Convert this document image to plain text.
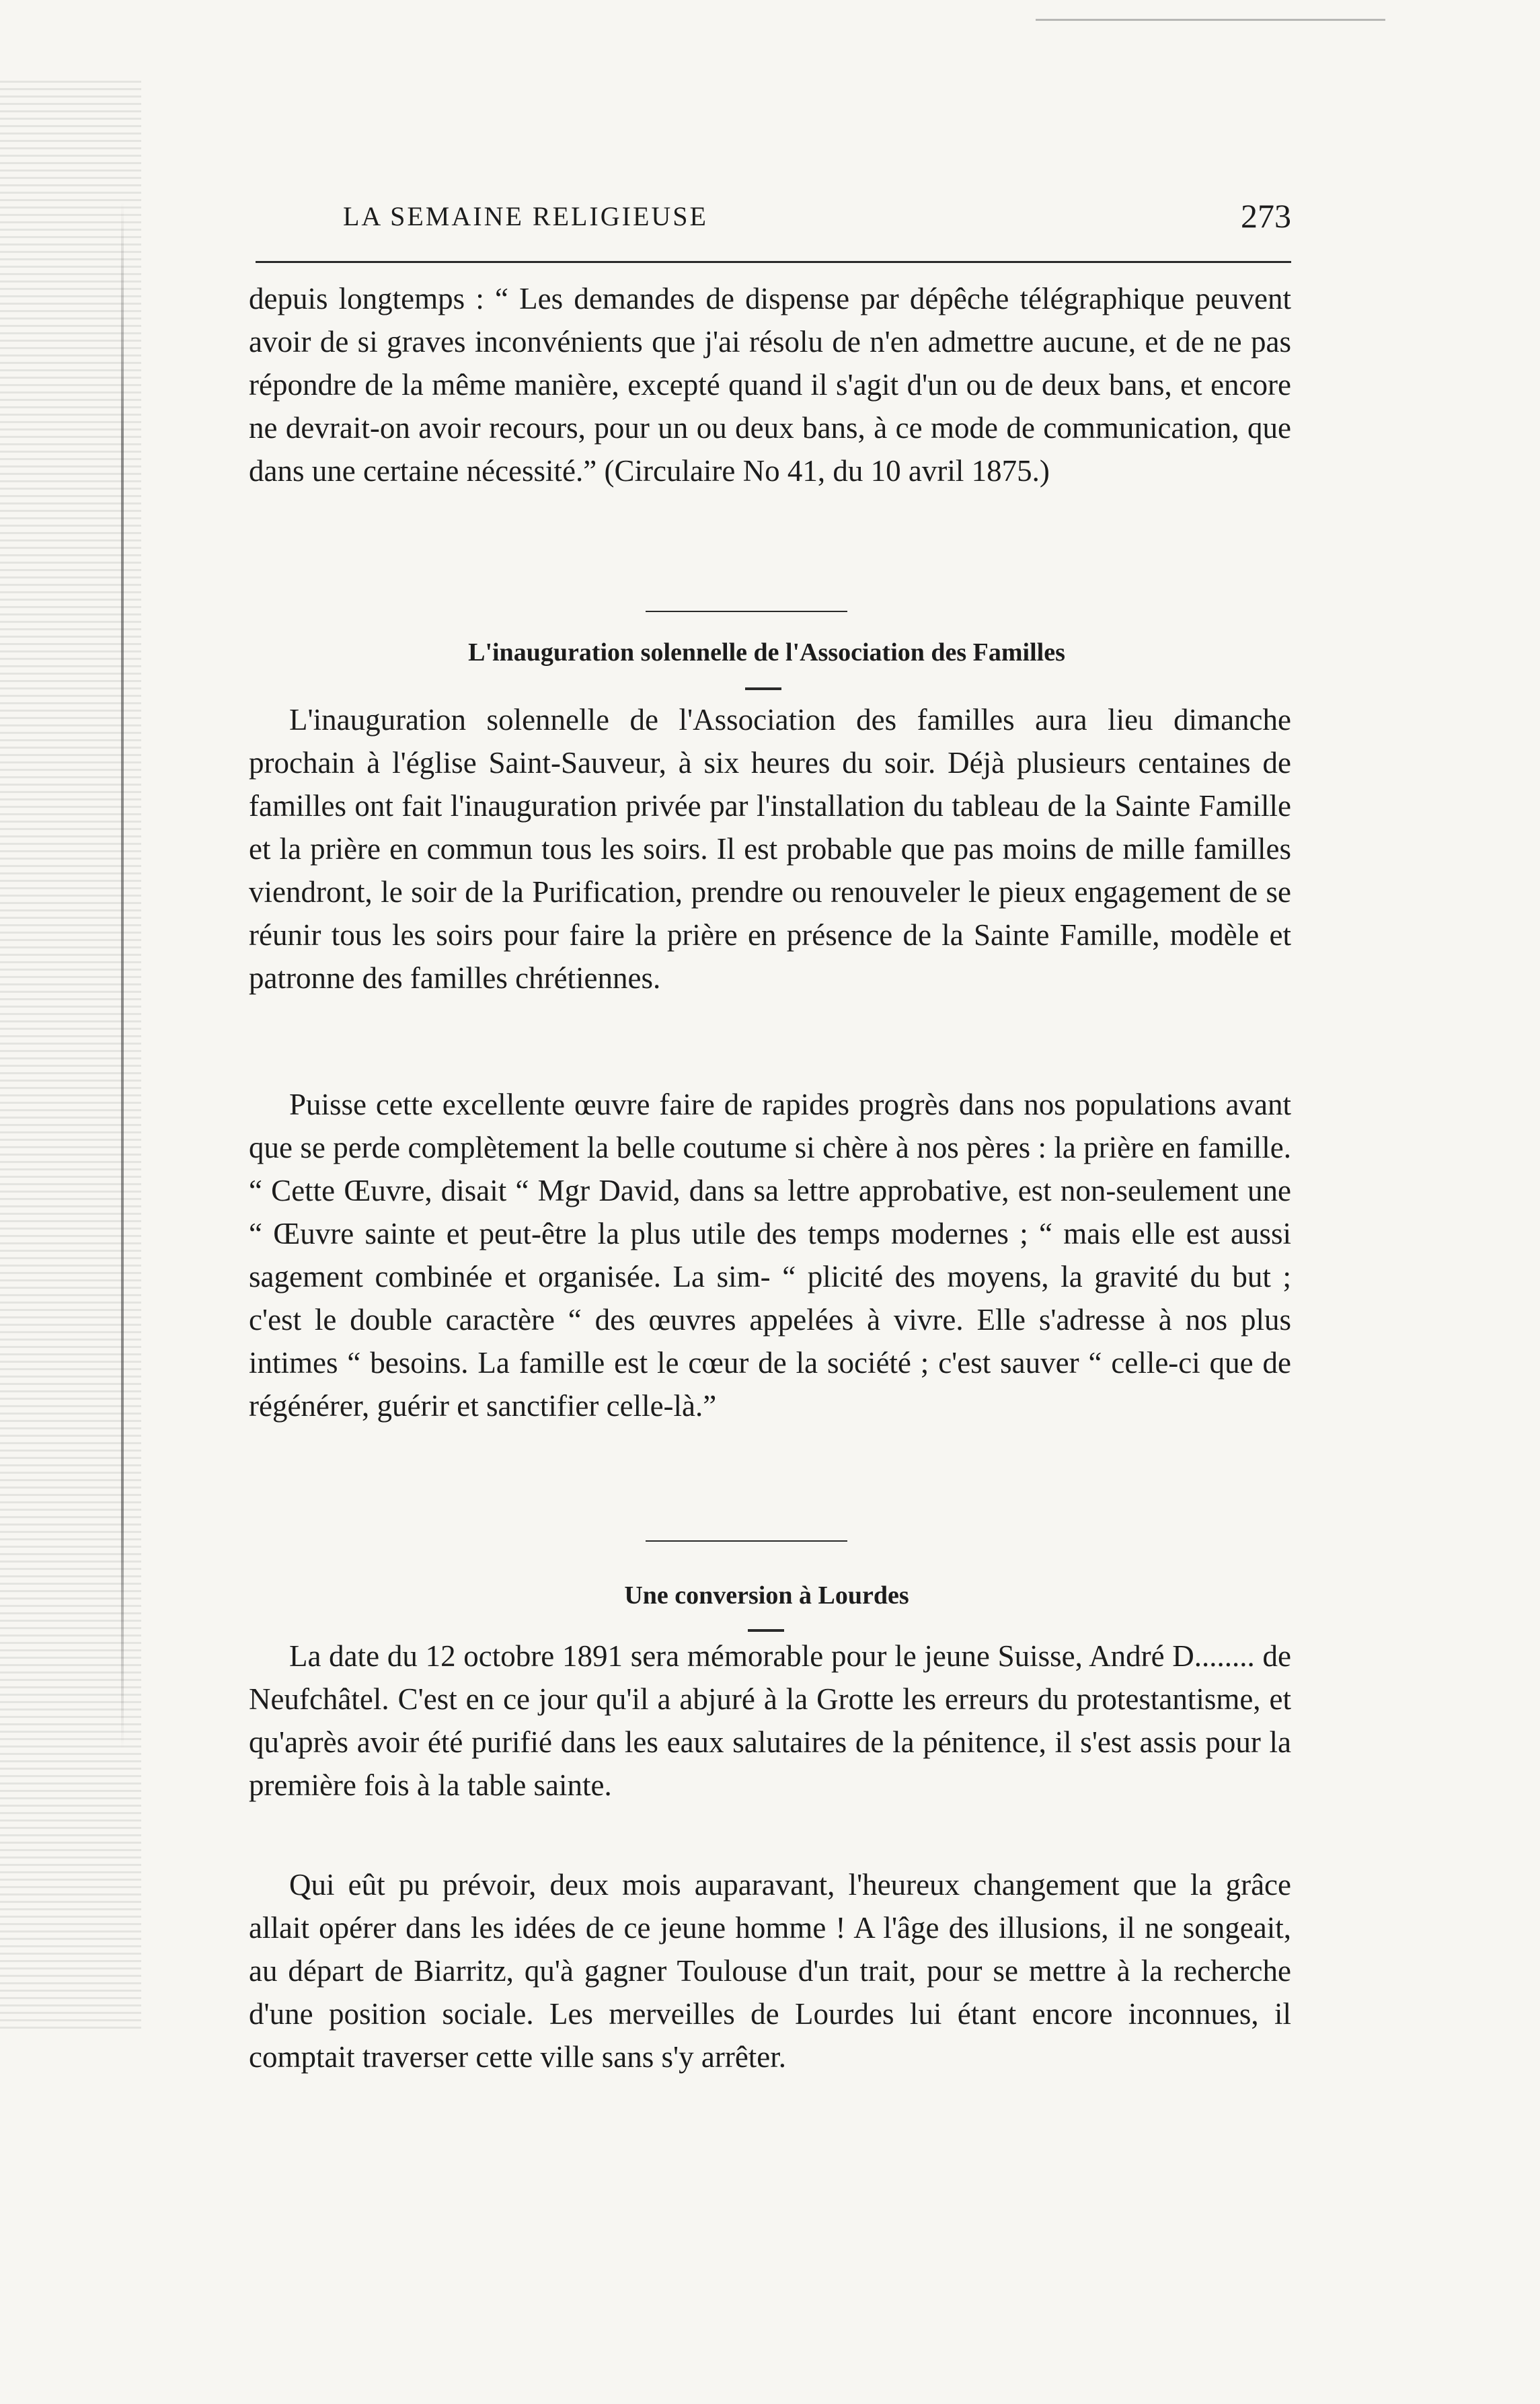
LA SEMAINE RELIGIEUSE	273

depuis longtemps : “ Les demandes de dispense par dépêche télégraphique peuvent avoir de si graves inconvénients que j'ai résolu de n'en admettre aucune, et de ne pas répondre de la même manière, excepté quand il s'agit d'un ou de deux bans, et encore ne devrait-on avoir recours, pour un ou deux bans, à ce mode de communication, que dans une certaine nécessité.” (Circulaire No 41, du 10 avril 1875.)

L'inauguration solennelle de l'Association des Familles

L'inauguration solennelle de l'Association des familles aura lieu dimanche prochain à l'église Saint-Sauveur, à six heures du soir. Déjà plusieurs centaines de familles ont fait l'inauguration privée par l'installation du tableau de la Sainte Famille et la prière en commun tous les soirs. Il est probable que pas moins de mille familles viendront, le soir de la Purification, prendre ou renouveler le pieux engagement de se réunir tous les soirs pour faire la prière en présence de la Sainte Famille, modèle et patronne des familles chrétiennes.

Puisse cette excellente œuvre faire de rapides progrès dans nos populations avant que se perde complètement la belle coutume si chère à nos pères : la prière en famille. “ Cette Œuvre, disait “ Mgr David, dans sa lettre approbative, est non-seulement une “ Œuvre sainte et peut-être la plus utile des temps modernes ; “ mais elle est aussi sagement combinée et organisée. La sim- “ plicité des moyens, la gravité du but ; c'est le double caractère “ des œuvres appelées à vivre. Elle s'adresse à nos plus intimes “ besoins. La famille est le cœur de la société ; c'est sauver “ celle-ci que de régénérer, guérir et sanctifier celle-là.”

Une conversion à Lourdes

La date du 12 octobre 1891 sera mémorable pour le jeune Suisse, André D........ de Neufchâtel. C'est en ce jour qu'il a abjuré à la Grotte les erreurs du protestantisme, et qu'après avoir été purifié dans les eaux salutaires de la pénitence, il s'est assis pour la première fois à la table sainte.

Qui eût pu prévoir, deux mois auparavant, l'heureux changement que la grâce allait opérer dans les idées de ce jeune homme ! A l'âge des illusions, il ne songeait, au départ de Biarritz, qu'à gagner Toulouse d'un trait, pour se mettre à la recherche d'une position sociale. Les merveilles de Lourdes lui étant encore inconnues, il comptait traverser cette ville sans s'y arrêter.
